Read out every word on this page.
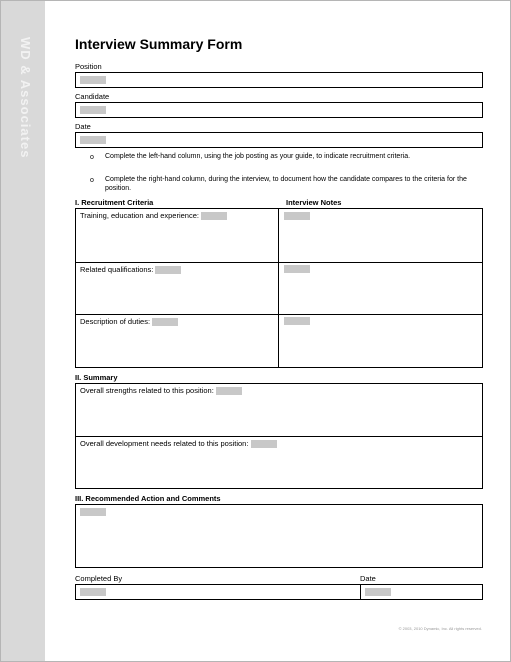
WD & Associates	Interview Summary Form
Position
Candidate
Date
o Complete the left-hand column, using the job posting as your guide, to indicate recruitment criteria.
o Complete the right-hand column, during the interview, to document how the candidate compares to the criteria for the position.
I. Recruitment Criteria	Interview Notes
Training, education and experience:
Related qualifications:
Description of duties:
II. Summary
Overall strengths related to this position:
Overall development needs related to this position:
III. Recommended Action and Comments
Completed By	Date
© 2003, 2010 Dynamic, Inc. All rights reserved.
